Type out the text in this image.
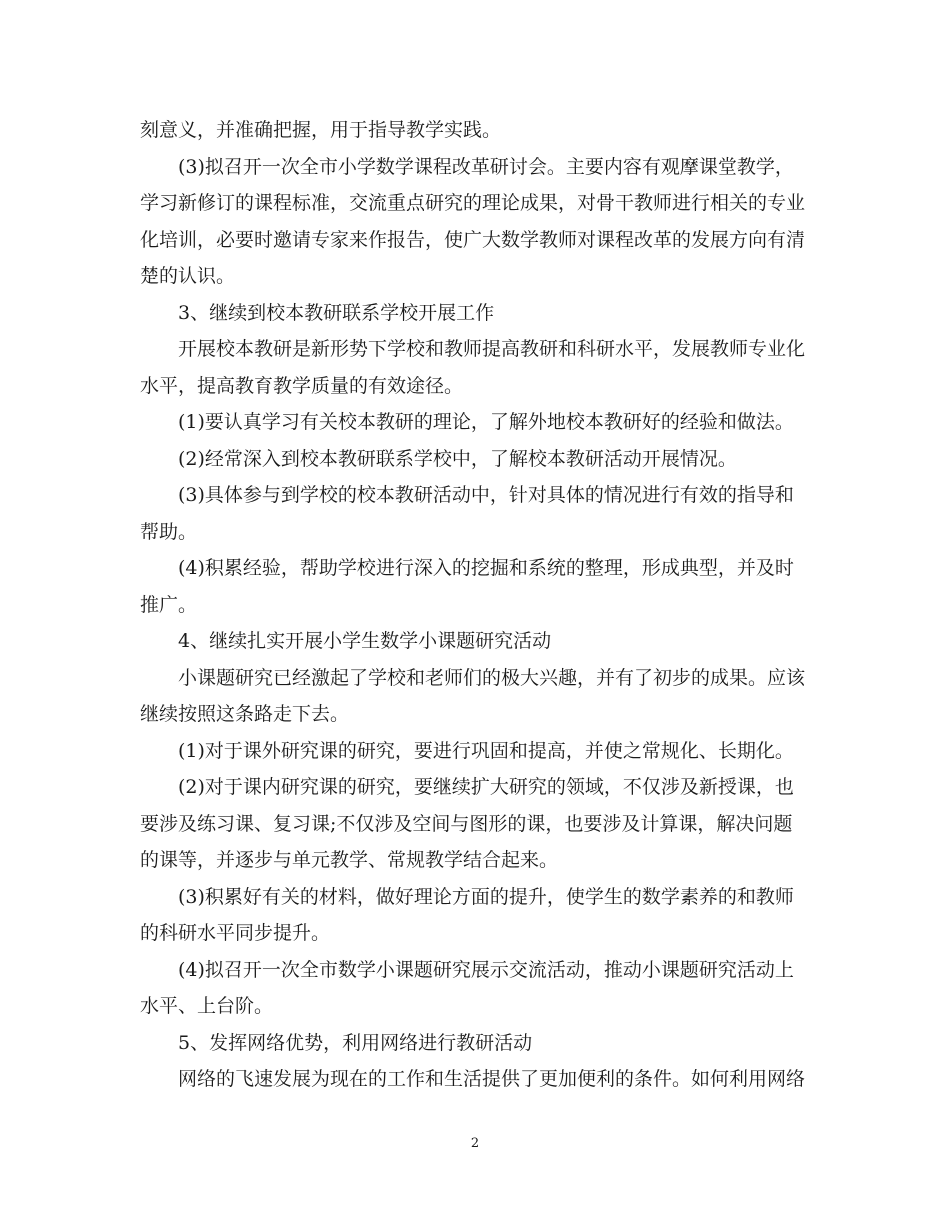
刻意义，并准确把握，用于指导教学实践。

(3)拟召开一次全市小学数学课程改革研讨会。主要内容有观摩课堂教学，学习新修订的课程标准，交流重点研究的理论成果，对骨干教师进行相关的专业化培训，必要时邀请专家来作报告，使广大数学教师对课程改革的发展方向有清楚的认识。

3、继续到校本教研联系学校开展工作

开展校本教研是新形势下学校和教师提高教研和科研水平，发展教师专业化水平，提高教育教学质量的有效途径。

(1)要认真学习有关校本教研的理论，了解外地校本教研好的经验和做法。

(2)经常深入到校本教研联系学校中，了解校本教研活动开展情况。

(3)具体参与到学校的校本教研活动中，针对具体的情况进行有效的指导和帮助。

(4)积累经验，帮助学校进行深入的挖掘和系统的整理，形成典型，并及时推广。

4、继续扎实开展小学生数学小课题研究活动

小课题研究已经激起了学校和老师们的极大兴趣，并有了初步的成果。应该继续按照这条路走下去。

(1)对于课外研究课的研究，要进行巩固和提高，并使之常规化、长期化。

(2)对于课内研究课的研究，要继续扩大研究的领域，不仅涉及新授课，也要涉及练习课、复习课;不仅涉及空间与图形的课，也要涉及计算课，解决问题的课等，并逐步与单元教学、常规教学结合起来。

(3)积累好有关的材料，做好理论方面的提升，使学生的数学素养的和教师的科研水平同步提升。

(4)拟召开一次全市数学小课题研究展示交流活动，推动小课题研究活动上水平、上台阶。

5、发挥网络优势，利用网络进行教研活动

网络的飞速发展为现在的工作和生活提供了更加便利的条件。如何利用网络

2
